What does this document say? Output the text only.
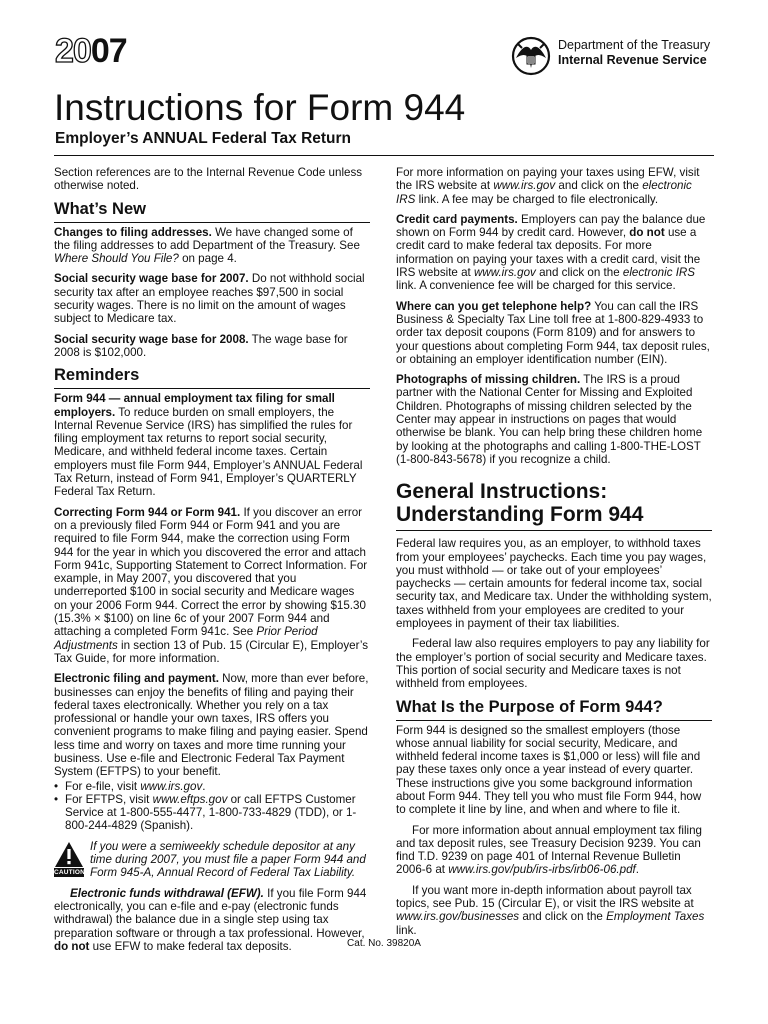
2007	Department of the Treasury
Internal Revenue Service
Instructions for Form 944
Employer’s ANNUAL Federal Tax Return

Section references are to the Internal Revenue Code unless otherwise noted.

What’s New

Changes to filing addresses. We have changed some of the filing addresses to add Department of the Treasury. See Where Should You File? on page 4.

Social security wage base for 2007. Do not withhold social security tax after an employee reaches $97,500 in social security wages. There is no limit on the amount of wages subject to Medicare tax.

Social security wage base for 2008. The wage base for 2008 is $102,000.

Reminders

Form 944 — annual employment tax filing for small employers. To reduce burden on small employers, the Internal Revenue Service (IRS) has simplified the rules for filing employment tax returns to report social security, Medicare, and withheld federal income taxes. Certain employers must file Form 944, Employer’s ANNUAL Federal Tax Return, instead of Form 941, Employer’s QUARTERLY Federal Tax Return.

Correcting Form 944 or Form 941. If you discover an error on a previously filed Form 944 or Form 941 and you are required to file Form 944, make the correction using Form 944 for the year in which you discovered the error and attach Form 941c, Supporting Statement to Correct Information. For example, in May 2007, you discovered that you underreported $100 in social security and Medicare wages on your 2006 Form 944. Correct the error by showing $15.30 (15.3% × $100) on line 6c of your 2007 Form 944 and attaching a completed Form 941c. See Prior Period Adjustments in section 13 of Pub. 15 (Circular E), Employer’s Tax Guide, for more information.

Electronic filing and payment. Now, more than ever before, businesses can enjoy the benefits of filing and paying their federal taxes electronically. Whether you rely on a tax professional or handle your own taxes, IRS offers you convenient programs to make filing and paying easier. Spend less time and worry on taxes and more time running your business. Use e-file and Electronic Federal Tax Payment System (EFTPS) to your benefit.

• For e-file, visit www.irs.gov.
• For EFTPS, visit www.eftps.gov or call EFTPS Customer Service at 1-800-555-4477, 1-800-733-4829 (TDD), or 1-800-244-4829 (Spanish).
CAUTION
If you were a semiweekly schedule depositor at any time during 2007, you must file a paper Form 944 and Form 945-A, Annual Record of Federal Tax Liability.

Electronic funds withdrawal (EFW). If you file Form 944 electronically, you can e-file and e-pay (electronic funds withdrawal) the balance due in a single step using tax preparation software or through a tax professional. However, do not use EFW to make federal tax deposits.

For more information on paying your taxes using EFW, visit the IRS website at www.irs.gov and click on the electronic IRS link. A fee may be charged to file electronically.

Credit card payments. Employers can pay the balance due shown on Form 944 by credit card. However, do not use a credit card to make federal tax deposits. For more information on paying your taxes with a credit card, visit the IRS website at www.irs.gov and click on the electronic IRS link. A convenience fee will be charged for this service.

Where can you get telephone help? You can call the IRS Business & Specialty Tax Line toll free at 1-800-829-4933 to order tax deposit coupons (Form 8109) and for answers to your questions about completing Form 944, tax deposit rules, or obtaining an employer identification number (EIN).

Photographs of missing children. The IRS is a proud partner with the National Center for Missing and Exploited Children. Photographs of missing children selected by the Center may appear in instructions on pages that would otherwise be blank. You can help bring these children home by looking at the photographs and calling 1-800-THE-LOST (1-800-843-5678) if you recognize a child.

General Instructions:
Understanding Form 944

Federal law requires you, as an employer, to withhold taxes from your employees’ paychecks. Each time you pay wages, you must withhold — or take out of your employees’ paychecks — certain amounts for federal income tax, social security tax, and Medicare tax. Under the withholding system, taxes withheld from your employees are credited to your employees in payment of their tax liabilities.

Federal law also requires employers to pay any liability for the employer’s portion of social security and Medicare taxes. This portion of social security and Medicare taxes is not withheld from employees.

What Is the Purpose of Form 944?

Form 944 is designed so the smallest employers (those whose annual liability for social security, Medicare, and withheld federal income taxes is $1,000 or less) will file and pay these taxes only once a year instead of every quarter. These instructions give you some background information about Form 944. They tell you who must file Form 944, how to complete it line by line, and when and where to file it.

For more information about annual employment tax filing and tax deposit rules, see Treasury Decision 9239. You can find T.D. 9239 on page 401 of Internal Revenue Bulletin 2006-6 at www.irs.gov/pub/irs-irbs/irb06-06.pdf.

If you want more in-depth information about payroll tax topics, see Pub. 15 (Circular E), or visit the IRS website at www.irs.gov/businesses and click on the Employment Taxes link.

Cat. No. 39820A
